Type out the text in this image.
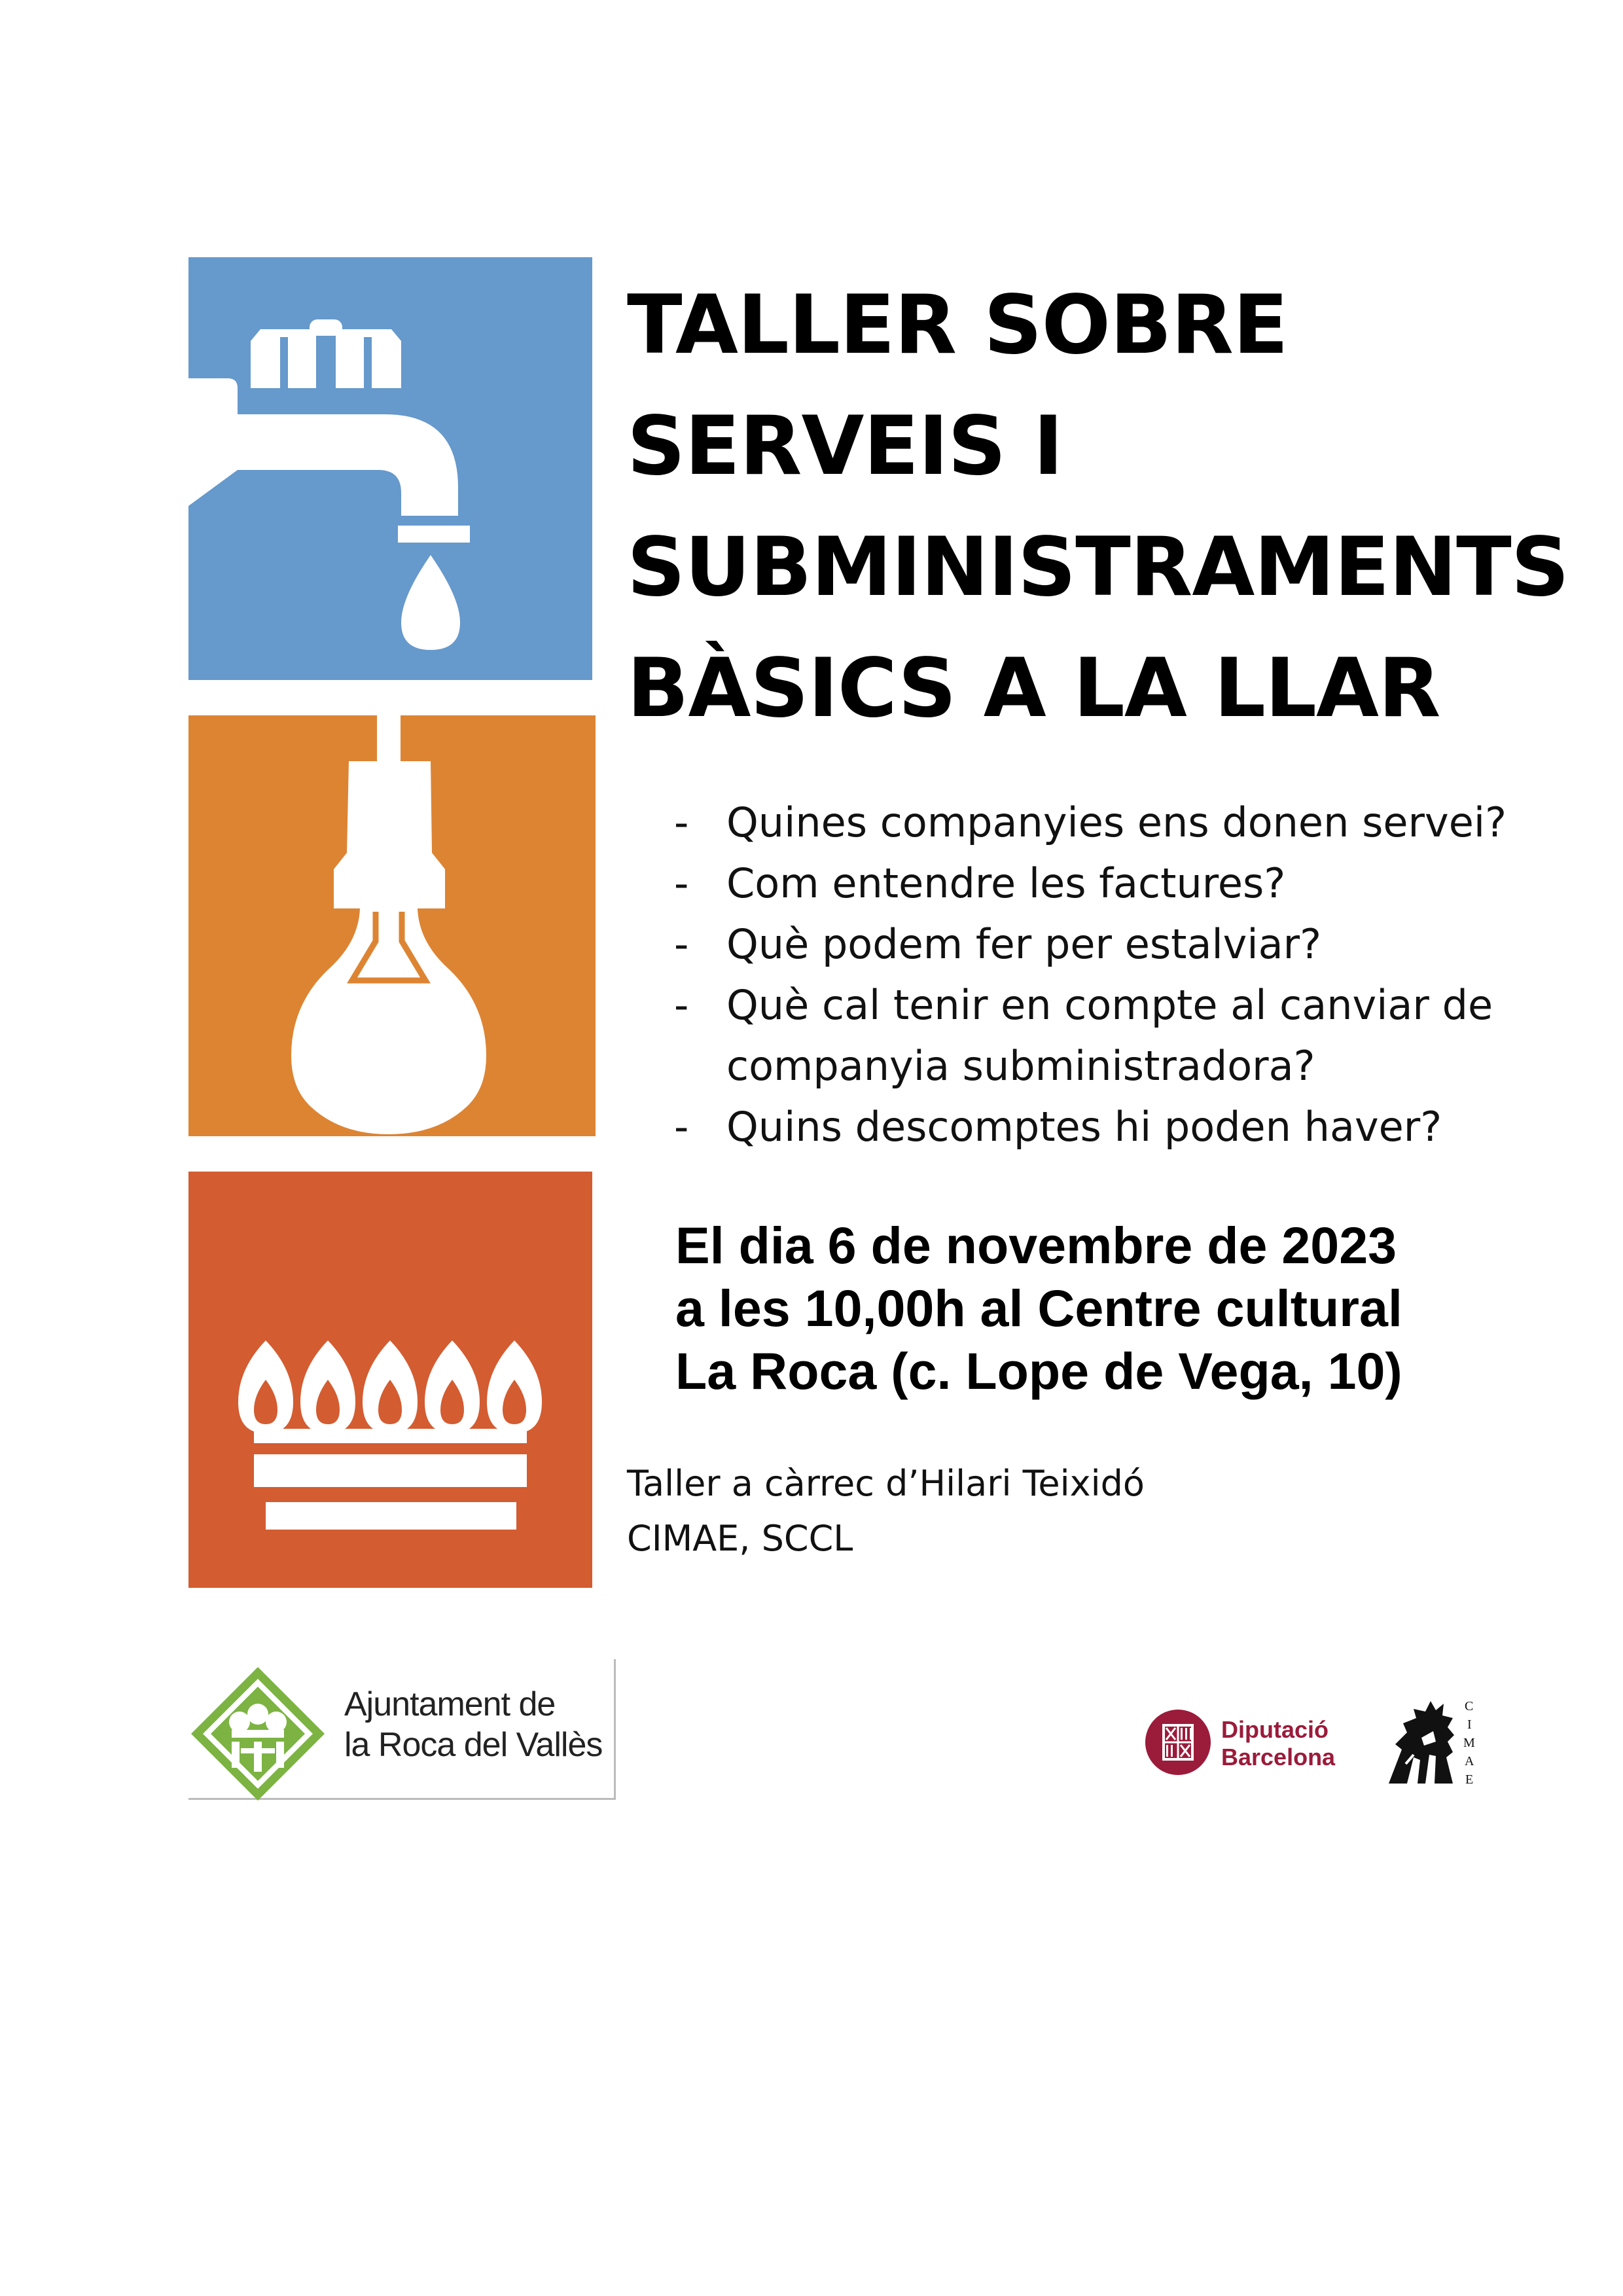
TALLER SOBRE
SERVEIS I
SUBMINISTRAMENTS
BÀSICS A LA LLAR
- Quines companyies ens donen servei?
- Com entendre les factures?
- Què podem fer per estalviar?
- Què cal tenir en compte al canviar de companyia subministradora?
- Quins descomptes hi poden haver?
El dia 6 de novembre de 2023
a les 10,00h al Centre cultural
La Roca (c. Lope de Vega, 10)
Taller a càrrec d’Hilari Teixidó
CIMAE, SCCL
Ajuntament de
la Roca del Vallès	Diputació
Barcelona
C
I
M
A
E
